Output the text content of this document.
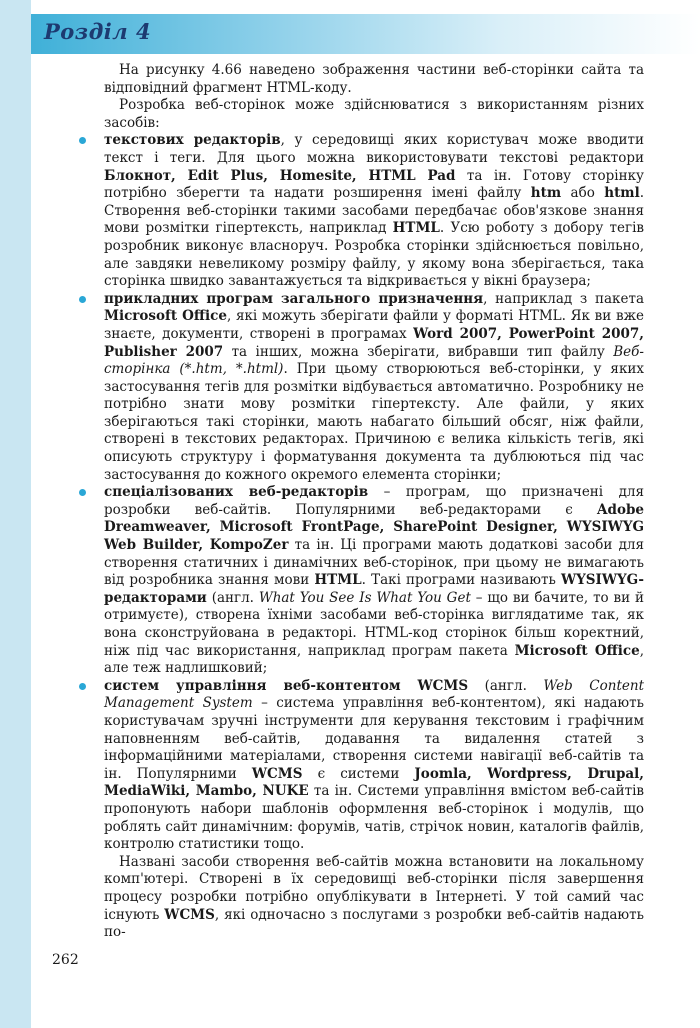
Розділ 4

На рисунку 4.66 наведено зображення частини веб-сторінки сайта та відповідний фрагмент HTML-коду.

Розробка веб-сторінок може здійснюватися з використанням різних засобів:

текстових редакторів, у середовищі яких користувач може вводити текст і теги. Для цього можна використовувати текстові редактори Блокнот, Edit Plus, Homesite, HTML Pad та ін. Готову сторінку потрібно зберегти та надати розширення імені файлу htm або html. Створення веб-сторінки такими засобами передбачає обов'язкове знання мови розмітки гіпертексть, наприклад HTML. Усю роботу з добору тегів розробник виконує власноруч. Розробка сторінки здійснюється повільно, але завдяки невеликому розміру файлу, у якому вона зберігається, така сторінка швидко завантажується та відкривається у вікні браузера;
прикладних програм загального призначення, наприклад з пакета Microsoft Office, які можуть зберігати файли у форматі HTML. Як ви вже знаєте, документи, створені в програмах Word 2007, PowerPoint 2007, Publisher 2007 та інших, можна зберігати, вибравши тип файлу Веб-сторінка (*.htm, *.html). При цьому створюються веб-сторінки, у яких застосування тегів для розмітки відбувається автоматично. Розробнику не потрібно знати мову розмітки гіпертексту. Але файли, у яких зберігаються такі сторінки, мають набагато більший обсяг, ніж файли, створені в текстових редакторах. Причиною є велика кількість тегів, які описують структуру і форматування документа та дублюються під час застосування до кожного окремого елемента сторінки;
спеціалізованих веб-редакторів – програм, що призначені для розробки веб-сайтів. Популярними веб-редакторами є Adobe Dreamweaver, Microsoft FrontPage, SharePoint Designer, WYSIWYG Web Builder, KompoZer та ін. Ці програми мають додаткові засоби для створення статичних і динамічних веб-сторінок, при цьому не вимагають від розробника знання мови HTML. Такі програми називають WYSIWYG-редакторами (англ. What You See Is What You Get – що ви бачите, то ви й отримуєте), створена їхніми засобами веб-сторінка виглядатиме так, як вона сконструйована в редакторі. HTML-код сторінок більш коректний, ніж під час використання, наприклад програм пакета Microsoft Office, але теж надлишковий;
систем управління веб-контентом WCMS (англ. Web Content Management System – система управління веб-контентом), які надають користувачам зручні інструменти для керування текстовим і графічним наповненням веб-сайтів, додавання та видалення статей з інформаційними матеріалами, створення системи навігації веб-сайтів та ін. Популярними WCMS є системи Joomla, Wordpress, Drupal, MediaWiki, Mambo, NUKE та ін. Системи управління вмістом веб-сайтів пропонують набори шаблонів оформлення веб-сторінок і модулів, що роблять сайт динамічним: форумів, чатів, стрічок новин, каталогів файлів, контролю статистики тощо.

Названі засоби створення веб-сайтів можна встановити на локальному комп'ютері. Створені в їх середовищі веб-сторінки після завершення процесу розробки потрібно опублікувати в Інтернеті. У той самий час існують WCMS, які одночасно з послугами з розробки веб-сайтів надають по-

262
